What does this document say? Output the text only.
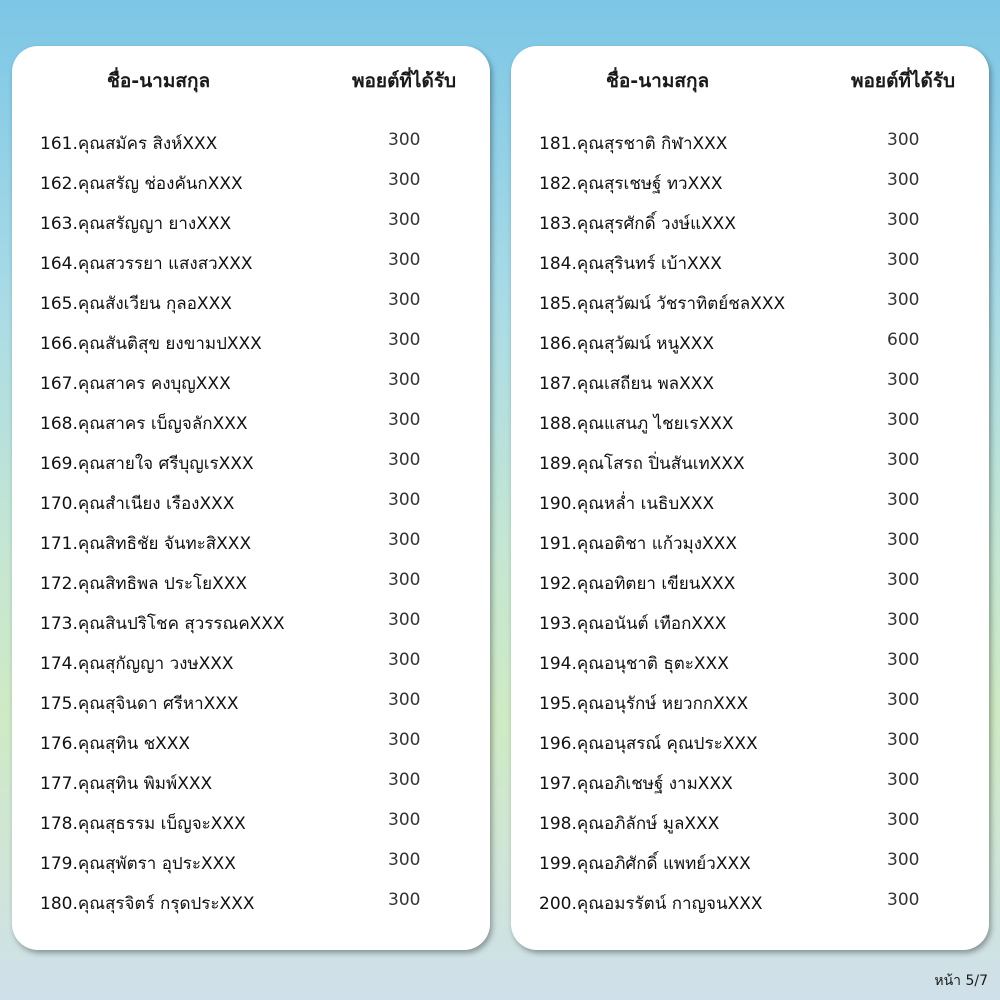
ชื่อ-นามสกุล	พอยต์ที่ได้รับ
161.คุณสมัคร สิงห์XXX	300
162.คุณสรัญ ช่องคันกXXX	300
163.คุณสรัญญา ยางXXX	300
164.คุณสวรรยา แสงสวXXX	300
165.คุณสังเวียน กุลอXXX	300
166.คุณสันติสุข ยงขามปXXX	300
167.คุณสาคร คงบุญXXX	300
168.คุณสาคร เบ็ญจลักXXX	300
169.คุณสายใจ ศรีบุญเรXXX	300
170.คุณสำเนียง เรืองXXX	300
171.คุณสิทธิชัย จันทะสิXXX	300
172.คุณสิทธิพล ประโยXXX	300
173.คุณสินปริโชค สุวรรณคXXX	300
174.คุณสุกัญญา วงษXXX	300
175.คุณสุจินดา ศรีหาXXX	300
176.คุณสุทิน ชXXX	300
177.คุณสุทิน พิมพ์XXX	300
178.คุณสุธรรม เบ็ญจะXXX	300
179.คุณสุพัตรา อุประXXX	300
180.คุณสุรจิตร์ กรุดประXXX	300
ชื่อ-นามสกุล	พอยต์ที่ได้รับ
181.คุณสุรชาติ กิฬาXXX	300
182.คุณสุรเชษฐ์ ทวXXX	300
183.คุณสุรศักดิ์ วงษ์แXXX	300
184.คุณสุรินทร์ เบ้าXXX	300
185.คุณสุวัฒน์ วัชราทิตย์ชลXXX	300
186.คุณสุวัฒน์ หนูXXX	600
187.คุณเสถียน พลXXX	300
188.คุณแสนภู ไชยเรXXX	300
189.คุณโสรถ ปิ่นสันเทXXX	300
190.คุณหล่ำ เนธิบXXX	300
191.คุณอติชา แก้วมุงXXX	300
192.คุณอทิตยา เขียนXXX	300
193.คุณอนันต์ เทือกXXX	300
194.คุณอนุชาติ ธุตะXXX	300
195.คุณอนุรักษ์ หยวกกXXX	300
196.คุณอนุสรณ์ คุณประXXX	300
197.คุณอภิเชษฐ์ งามXXX	300
198.คุณอภิลักษ์ มูลXXX	300
199.คุณอภิศักดิ์ แพทย์วXXX	300
200.คุณอมรรัตน์ กาญจนXXX	300
หน้า 5/7
